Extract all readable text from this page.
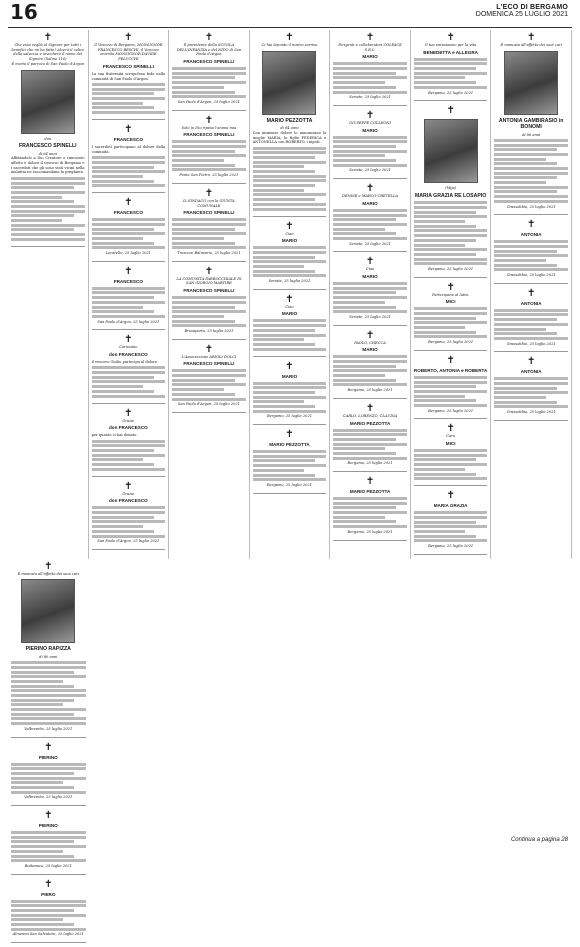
16	L'ECO DI BERGAMO
DOMENICA 25 LUGLIO 2021
✝
Che essa vegliò al Signore per tutti i benefici che mi ha fatto? Alzerò il calice della salvezza e invocherò il nome del Signore (Salmo 116)
È morto il parroco di San Paolo d'Argon
don
FRANCESCO SPINELLI
di 64 anni

Affidandolo a Dio Creatore e rinnovato affetto e dolore il vescovo di Bergamo e i sacerdoti che gli sono stati vicini nella malattia ne raccomandano la preghiera.

✝
Il Vescovo di Bergamo, MONSIGNOR FRANCESCO BESCHI, il Vescovo emerito MONSIGNOR DAVIDE PELUCCHI
FRANCESCO SPINELLI

La sua fraternità scrupolosa fede nella comunità di San Paolo d'Argon.

✝
FRANCESCO

I sacerdoti partecipano al dolore della comunità.

✝
FRANCESCO
Locatello, 25 luglio 2021
✝
FRANCESCO
San Paolo d'Argon, 25 luglio 2021
✝
Carissimo
don FRANCESCO

il vescovo Giulio partecipa al dolore.

✝
Grazie
don FRANCESCO

per quanto ci hai donato.

✝
Grazie
don FRANCESCO
San Paolo d'Argon, 25 luglio 2021
✝
Il presidente della SCUOLA DELL'INFANZIA e del NIDO di San Paolo d'Argon
FRANCESCO SPINELLI
San Paolo d'Argon, 25 luglio 2021
✝
Solo in Dio riposa l'anima mia
FRANCESCO SPINELLI
Ponte San Pietro, 25 luglio 2021
✝
IL SINDACO con la GIUNTA COMUNALE
FRANCESCO SPINELLI
Trescore Balneario, 25 luglio 2021
✝
LA COMUNITÀ PARROCCHIALE DI SAN GIORGIO MARTIRE
FRANCESCO SPINELLI
Brusaporto, 25 luglio 2021
✝
L'Associazione ARIOLI DOLCI
FRANCESCO SPINELLI
San Paolo d'Argon, 25 luglio 2021
✝
Ci hai lasciato il nostro sorriso
MARIO PEZZOTTA
di 84 anni

Con immenso dolore lo annunciano la moglie MARIA, le figlie FEDERICA e ANTONELLA con ROBERTO, i nipoti.

✝
Ciao
MARIO
Seriate, 25 luglio 2021
✝
Ciao
MARIO
✝
MARIO
Bergamo, 25 luglio 2021
✝
MARIO PEZZOTTA
Bergamo, 25 luglio 2021
✝
Dirigenti e collaboratori COLFACK S.R.L.
MARIO
Seriate, 25 luglio 2021
✝
GIUSEPPE COLLEONI
MARIO
Seriate, 25 luglio 2021
✝
DENISE e MARCO CRETELLA
MARIO
Seriate, 25 luglio 2021
✝
Ciao
MARIO
Seriate, 25 luglio 2021
✝
PAOLO, CHECCA
MARIO
Bergamo, 25 luglio 2021
✝
CARLO, LORENZO, CLAUDIA
MARIO PEZZOTTA
Bergamo, 25 luglio 2021
✝
MARIO PEZZOTTA
Bergamo, 25 luglio 2021
✝
Il tuo entusiasmo per la vita
BENEDETTA e ALLEGRA
Bergamo, 25 luglio 2021
✝
(Mija)
MARIA GRAZIA RE LOSAPIO
Bergamo, 25 luglio 2021
✝
Partecipano al lutto:
MICI
Bergamo, 25 luglio 2021
✝
ROBERTO, ANTONIA e ROBERTA
Bergamo, 25 luglio 2021
✝
Cara
MICI
✝
MARIA GRAZIA
Bergamo, 25 luglio 2021
✝
È mancata all'affetto dei suoi cari
ANTONIA GAMBIRASIO in BONOMI
di 86 anni
Grassobbio, 25 luglio 2021
✝
ANTONIA
Grassobbio, 25 luglio 2021
✝
ANTONIA
Grassobbio, 25 luglio 2021
✝
ANTONIA
Grassobbio, 25 luglio 2021
✝
È mancato all'affetto dei suoi cari
PIERINO RAPIZZA
di 80 anni
Valbrembo, 25 luglio 2021
✝
PIERINO
Valbrembo, 25 luglio 2021
✝
PIERINO
Bottanuco, 25 luglio 2021
✝
PIERO
Almenno San Salvatore, 25 luglio 2021
Continua a pagina 28
